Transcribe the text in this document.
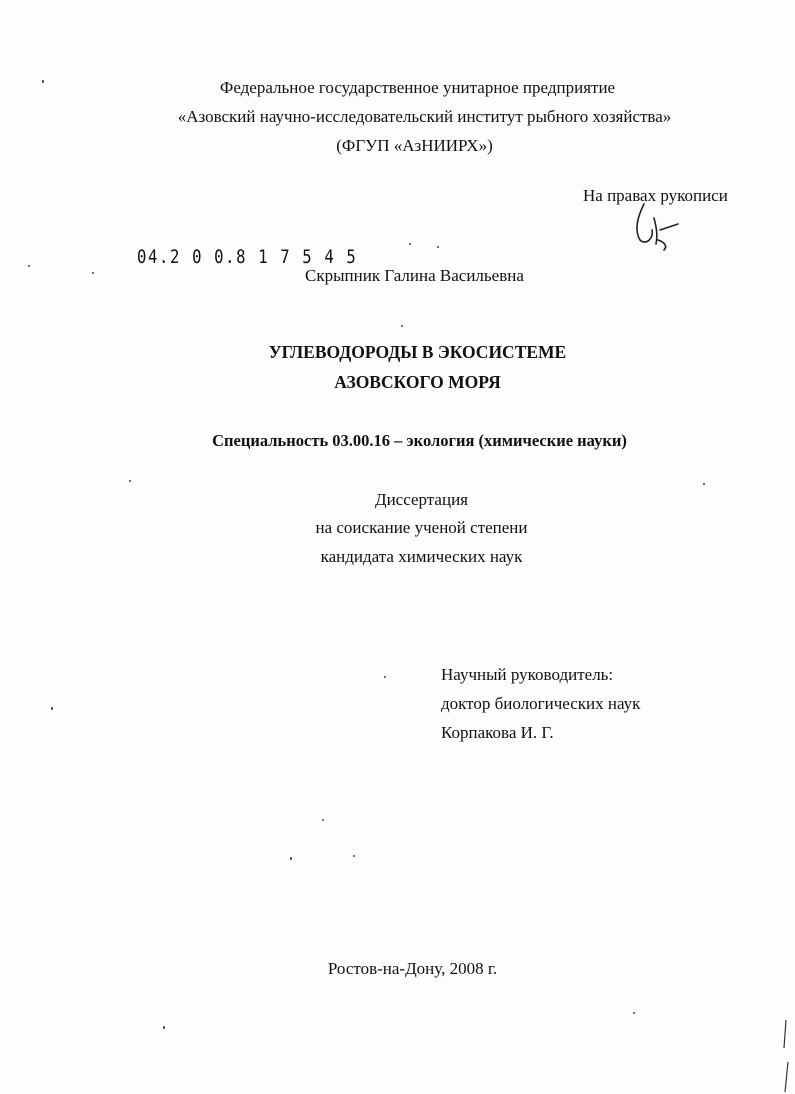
Федеральное государственное унитарное предприятие
«Азовский научно-исследовательский институт рыбного хозяйства»
(ФГУП «АзНИИРХ»)
На правах рукописи
04.2 0 0.8 1 7 5 4 5
Скрыпник Галина Васильевна
УГЛЕВОДОРОДЫ В ЭКОСИСТЕМЕ
АЗОВСКОГО МОРЯ
Специальность 03.00.16 – экология (химические науки)
Диссертация
на соискание ученой степени
кандидата химических наук
Научный руководитель:
доктор биологических наук
Корпакова И. Г.
Ростов-на-Дону, 2008 г.
